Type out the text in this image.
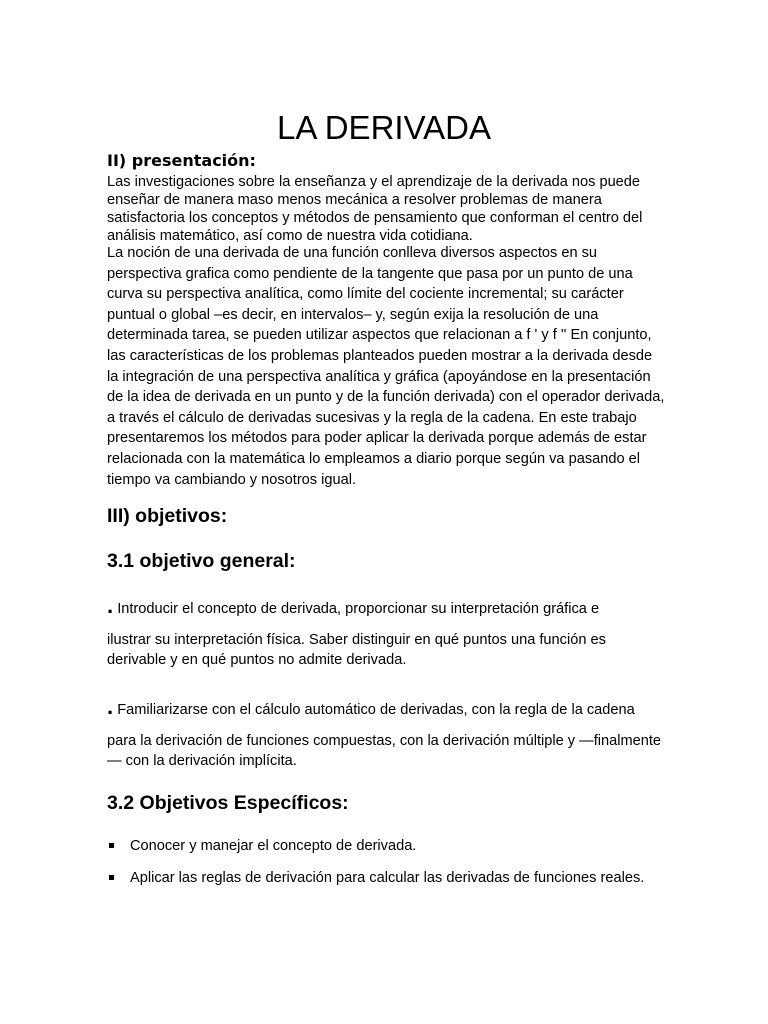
LA DERIVADA
II) presentación:

Las investigaciones sobre la enseñanza y el aprendizaje de la derivada nos puede enseñar de manera maso menos mecánica a resolver problemas de manera satisfactoria los conceptos y métodos de pensamiento que conforman el centro del análisis matemático, así como de nuestra vida cotidiana.

La noción de una derivada de una función conlleva diversos aspectos en su perspectiva grafica como pendiente de la tangente que pasa por un punto de una curva su perspectiva analítica, como límite del cociente incremental; su carácter puntual o global –es decir, en intervalos– y, según exija la resolución de una determinada tarea, se pueden utilizar aspectos que relacionan a f ' y f '' En conjunto, las características de los problemas planteados pueden mostrar a la derivada desde la integración de una perspectiva analítica y gráfica (apoyándose en la presentación de la idea de derivada en un punto y de la función derivada) con el operador derivada, a través el cálculo de derivadas sucesivas y la regla de la cadena. En este trabajo presentaremos los métodos para poder aplicar la derivada porque además de estar relacionada con la matemática lo empleamos a diario porque según va pasando el tiempo va cambiando y nosotros igual.

III) objetivos:
3.1 objetivo general:
. Introducir el concepto de derivada, proporcionar su interpretación gráfica e
ilustrar su interpretación física. Saber distinguir en qué puntos una función es derivable y en qué puntos no admite derivada.
. Familiarizarse con el cálculo automático de derivadas, con la regla de la cadena
para la derivación de funciones compuestas, con la derivación múltiple y —finalmente— con la derivación implícita.
3.2 Objetivos Específicos:
Conocer y manejar el concepto de derivada.
Aplicar las reglas de derivación para calcular las derivadas de funciones reales.
